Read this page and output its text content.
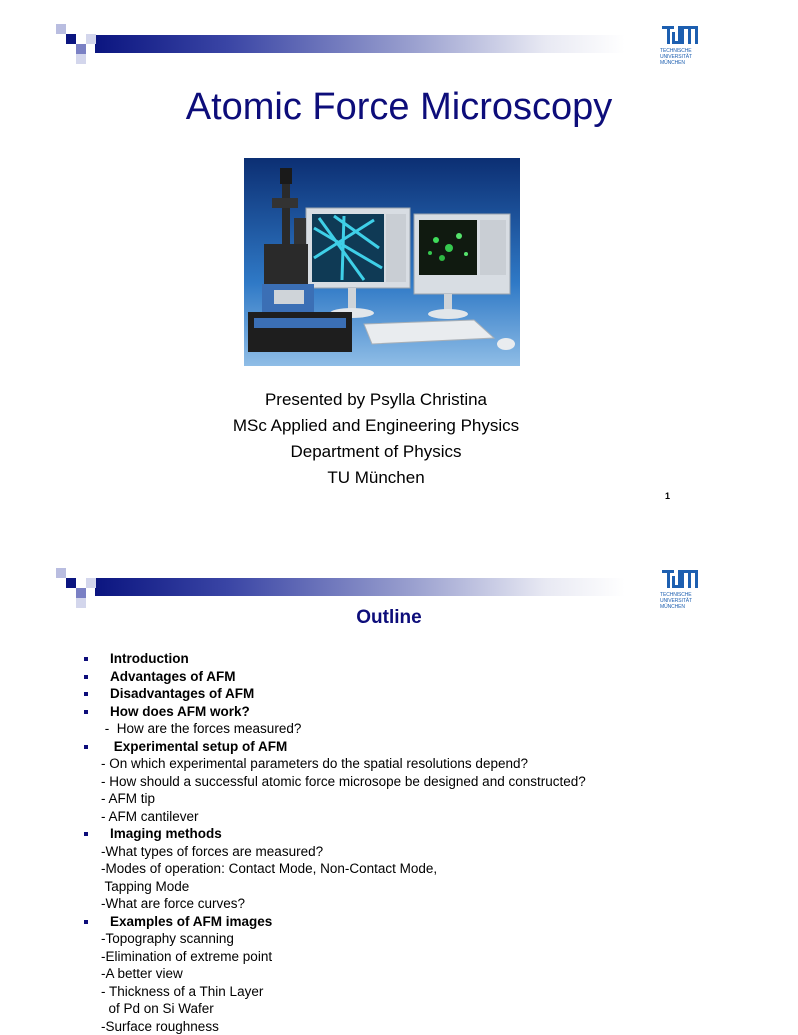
TECHNISCHE
UNIVERSITÄT
MÜNCHEN
Atomic Force Microscopy
Presented by Psylla Christina
MSc Applied and Engineering Physics
Department of Physics
TU München
1
TECHNISCHE
UNIVERSITÄT
MÜNCHEN
Outline
Introduction
Advantages of AFM
Disadvantages of AFM
How does AFM work?
-  How are the forces measured?
Experimental setup of AFM
- On which experimental parameters do the spatial resolutions depend?
- How should a successful atomic force microsope be designed and constructed?
- AFM tip
- AFM cantilever
Imaging methods
-What types of forces are measured?
-Modes of operation: Contact Mode, Non-Contact Mode,
Tapping Mode
-What are force curves?
Examples of AFM images
-Topography scanning
-Elimination of extreme point
-A better view
- Thickness of a Thin Layer
of Pd on Si Wafer
-Surface roughness
